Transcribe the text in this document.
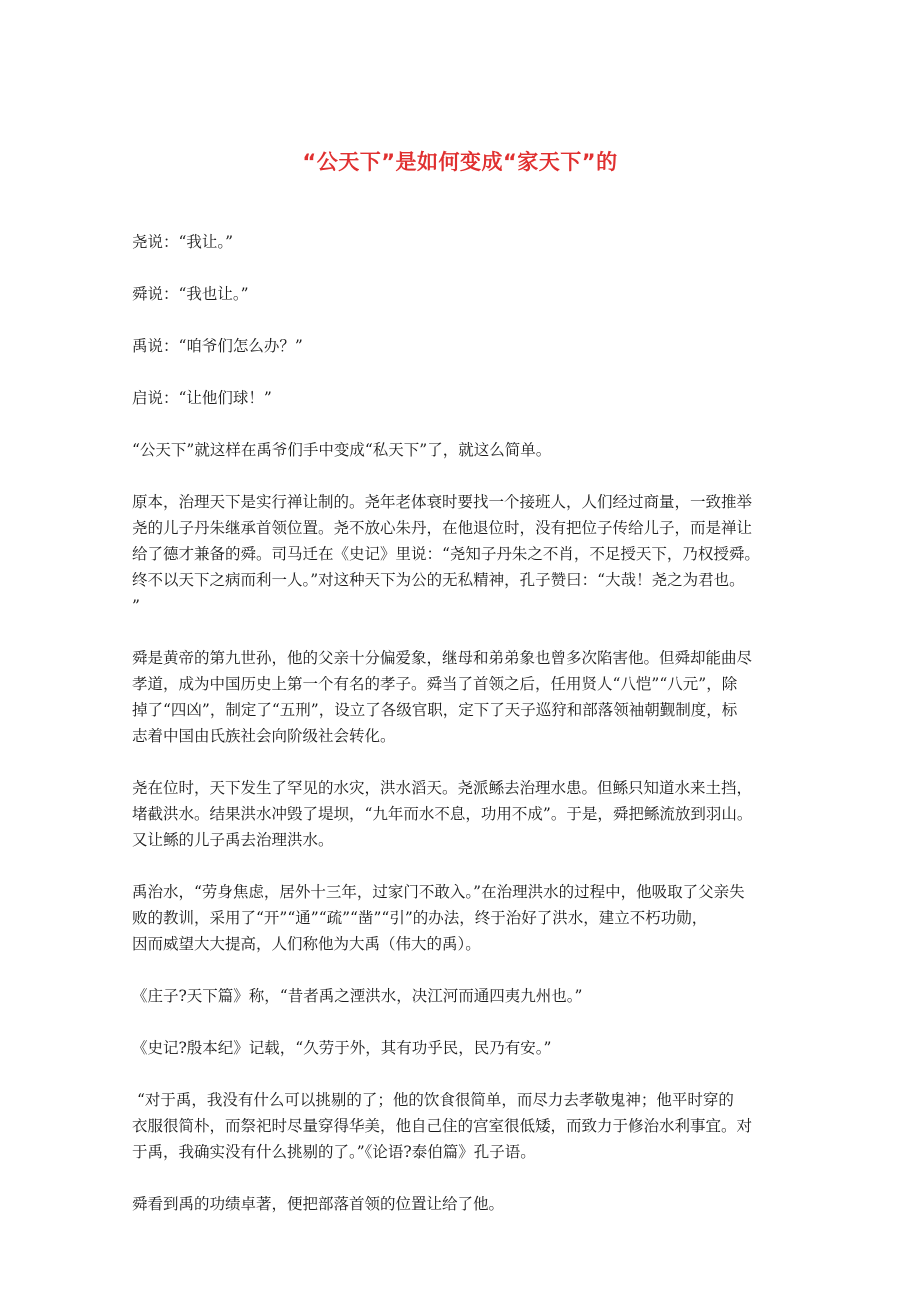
“公天下”是如何变成“家天下”的

尧说：“我让。”

舜说：“我也让。”

禹说：“咱爷们怎么办？”

启说：“让他们球！”

“公天下”就这样在禹爷们手中变成“私天下”了，就这么简单。

原本，治理天下是实行禅让制的。尧年老体衰时要找一个接班人，人们经过商量，一致推举
尧的儿子丹朱继承首领位置。尧不放心朱丹，在他退位时，没有把位子传给儿子，而是禅让
给了德才兼备的舜。司马迁在《史记》里说：“尧知子丹朱之不肖，不足授天下，乃权授舜。
终不以天下之病而利一人。”对这种天下为公的无私精神，孔子赞曰：“大哉！尧之为君也。
”

舜是黄帝的第九世孙，他的父亲十分偏爱象，继母和弟弟象也曾多次陷害他。但舜却能曲尽
孝道，成为中国历史上第一个有名的孝子。舜当了首领之后，任用贤人“八恺”“八元”，除
掉了“四凶”，制定了“五刑”，设立了各级官职，定下了天子巡狩和部落领袖朝觐制度，标
志着中国由氏族社会向阶级社会转化。

尧在位时，天下发生了罕见的水灾，洪水滔天。尧派鲧去治理水患。但鲧只知道水来土挡，
堵截洪水。结果洪水冲毁了堤坝，“九年而水不息，功用不成”。于是，舜把鲧流放到羽山。
又让鲧的儿子禹去治理洪水。

禹治水，“劳身焦虑，居外十三年，过家门不敢入。”在治理洪水的过程中，他吸取了父亲失
败的教训，采用了“开”“通”“疏”“凿”“引”的办法，终于治好了洪水，建立不朽功勋，
因而威望大大提高，人们称他为大禹（伟大的禹）。

《庄子?天下篇》称，“昔者禹之湮洪水，决江河而通四夷九州也。”

《史记?殷本纪》记载，“久劳于外，其有功乎民，民乃有安。”

“对于禹，我没有什么可以挑剔的了；他的饮食很简单，而尽力去孝敬鬼神；他平时穿的
衣服很简朴，而祭祀时尽量穿得华美，他自己住的宫室很低矮，而致力于修治水利事宜。对
于禹，我确实没有什么挑剔的了。”《论语?泰伯篇》孔子语。

舜看到禹的功绩卓著，便把部落首领的位置让给了他。
